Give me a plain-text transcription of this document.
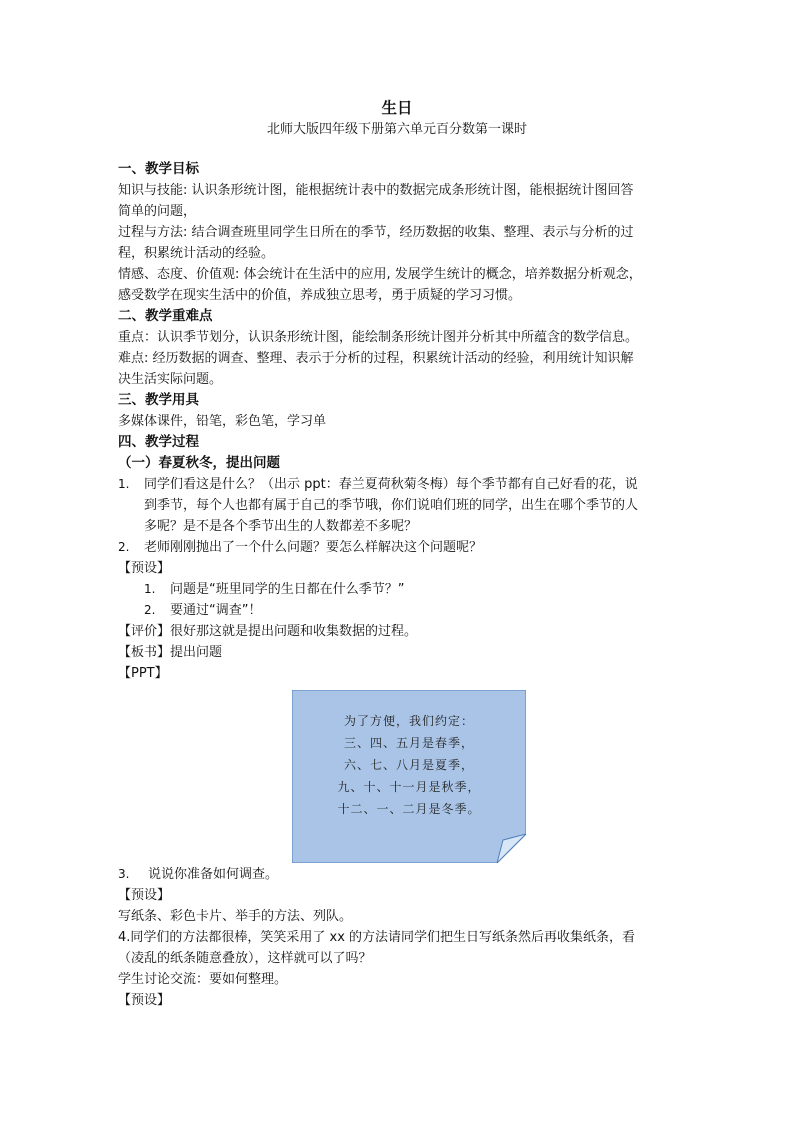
生日
北师大版四年级下册第六单元百分数第一课时

一、教学目标

知识与技能: 认识条形统计图，能根据统计表中的数据完成条形统计图，能根据统计图回答

简单的问题，

过程与方法: 结合调查班里同学生日所在的季节，经历数据的收集、整理、表示与分析的过

程，积累统计活动的经验。

情感、态度、价值观: 体会统计在生活中的应用, 发展学生统计的概念，培养数据分析观念，

感受数学在现实生活中的价值，养成独立思考，勇于质疑的学习习惯。

二、教学重难点

重点：认识季节划分，认识条形统计图，能绘制条形统计图并分析其中所蕴含的数学信息。

难点: 经历数据的调查、整理、表示于分析的过程，积累统计活动的经验，利用统计知识解

决生活实际问题。

三、教学用具

多媒体课件，铅笔，彩色笔，学习单

四、教学过程

（一）春夏秋冬，提出问题

1. 同学们看这是什么？（出示 ppt：春兰夏荷秋菊冬梅）每个季节都有自己好看的花，说

到季节，每个人也都有属于自己的季节哦，你们说咱们班的同学，出生在哪个季节的人

多呢？是不是各个季节出生的人数都差不多呢？

2. 老师刚刚抛出了一个什么问题？要怎么样解决这个问题呢？

【预设】

1. 问题是“班里同学的生日都在什么季节？”

2. 要通过“调查”！

【评价】很好那这就是提出问题和收集数据的过程。

【板书】提出问题

【PPT】

为了方便，我们约定：

三、四、五月是春季，

六、七、八月是夏季，

九、十、十一月是秋季，

十二、一、二月是冬季。

3. 说说你准备如何调查。

【预设】

写纸条、彩色卡片、举手的方法、列队。

4.同学们的方法都很棒，笑笑采用了 xx 的方法请同学们把生日写纸条然后再收集纸条，看

（凌乱的纸条随意叠放），这样就可以了吗？

学生讨论交流：要如何整理。

【预设】
